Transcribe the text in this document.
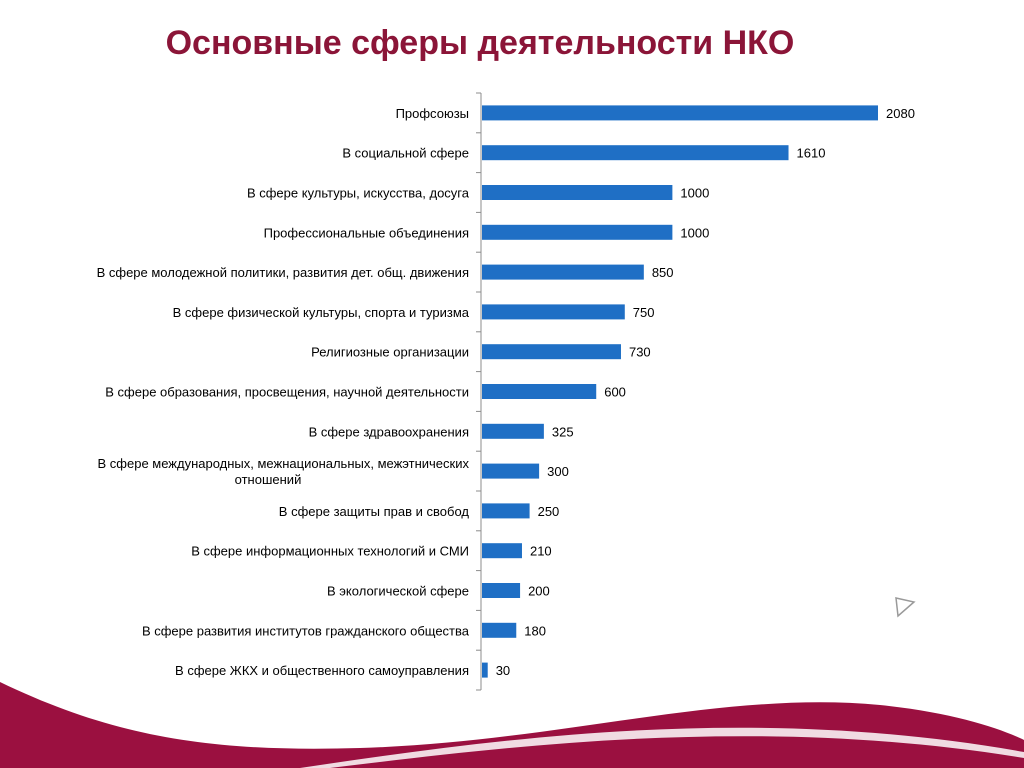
Основные сферы деятельности НКО
2080
Профсоюзы
1610
В социальной сфере
1000
В сфере культуры, искусства, досуга
1000
Профессиональные объединения
850
В сфере молодежной политики, развития дет. общ. движения
750
В сфере физической культуры, спорта и туризма
730
Религиозные организации
600
В сфере образования, просвещения, научной деятельности
325
В сфере здравоохранения
300
В сфере международных, межнациональных, межэтнических отношений
250
В сфере защиты прав и свобод
210
В сфере информационных технологий и СМИ
200
В экологической сфере
180
В сфере развития институтов гражданского общества
30
В сфере ЖКХ и общественного самоуправления
